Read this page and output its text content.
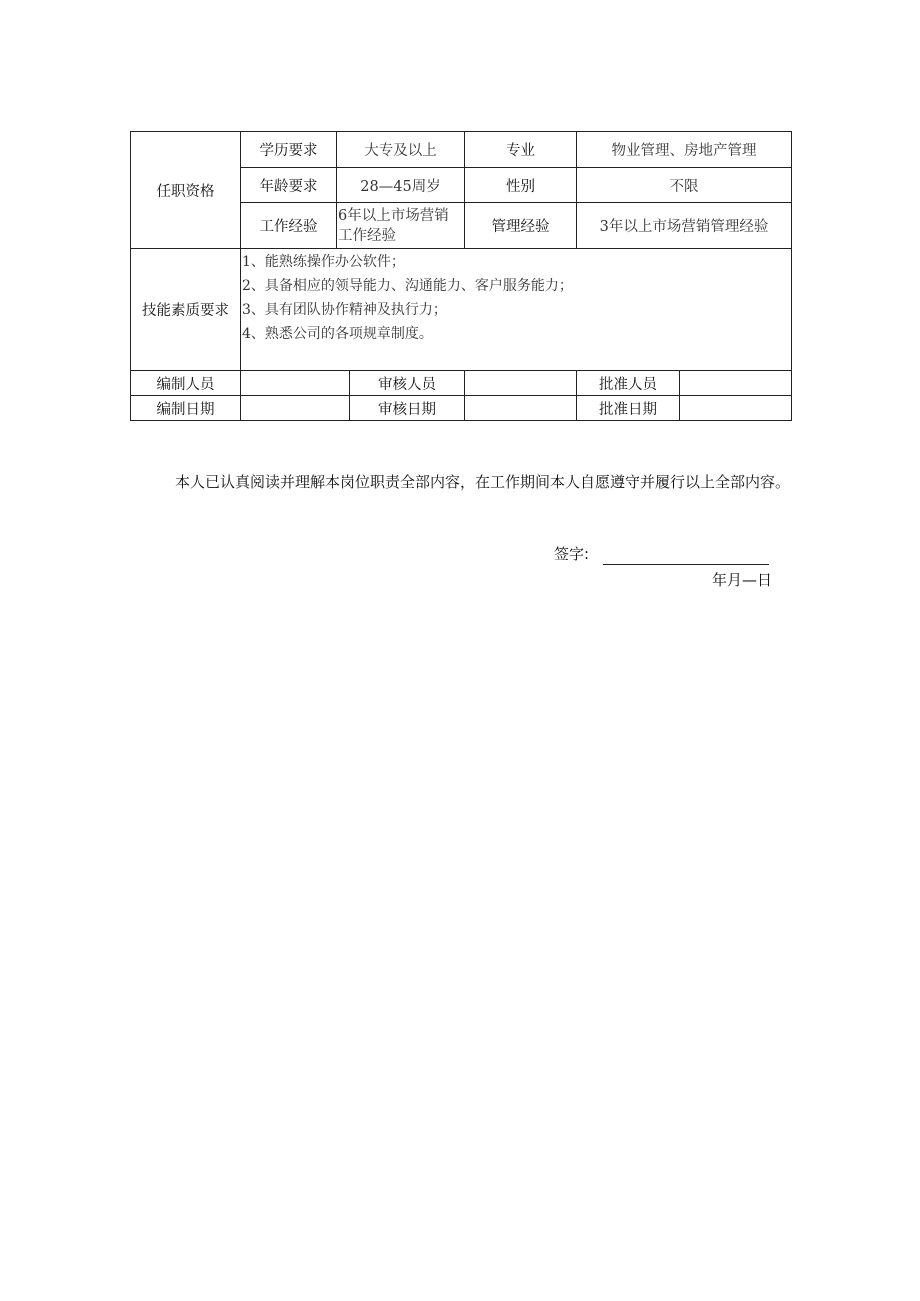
任职资格	学历要求	大专及以上		专业	物业管理、房地产管理	
	年龄要求	28—45周岁		性别	不限	
	工作经验	6年以上市场营销工作经验		管理经验	3年以上市场营销管理经验	
技能素质要求	1、能熟练操作办公软件；
2、具备相应的领导能力、沟通能力、客户服务能力；
3、具有团队协作精神及执行力；
4、熟悉公司的各项规章制度。					

编制人员			审核人员		批准人员	
编制日期			审核日期		批准日期	

本人已认真阅读并理解本岗位职责全部内容，在工作期间本人自愿遵守并履行以上全部内容。

签字:
年月—日
